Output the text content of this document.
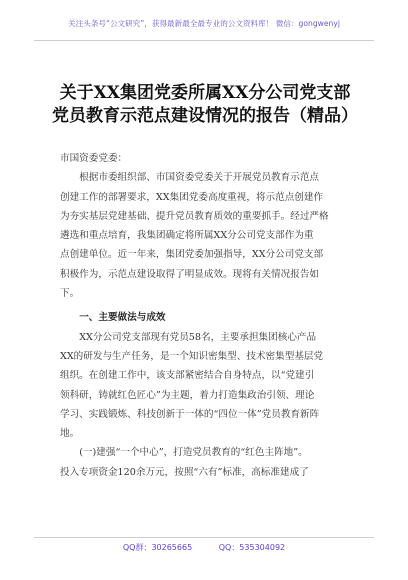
关注头条号“公文研究”，获得最新最全最专业的公文资料库！ 微信：gongwenyj
关于XX集团党委所属XX分公司党支部
党员教育示范点建设情况的报告（精品）

市国资委党委：

根据市委组织部、市国资委党委关于开展党员教育示范点
创建工作的部署要求，XX集团党委高度重视，将示范点创建作
为夯实基层党建基础、提升党员教育质效的重要抓手。经过严格
遴选和重点培育，我集团确定将所属XX分公司党支部作为重
点创建单位。近一年来，集团党委加强指导，XX分公司党支部
积极作为，示范点建设取得了明显成效。现将有关情况报告如
下。

一、主要做法与成效

XX分公司党支部现有党员58名，主要承担集团核心产品
XX的研发与生产任务，是一个知识密集型、技术密集型基层党
组织。在创建工作中，该支部紧密结合自身特点，以“党建引
领科研，铸就红色匠心”为主题，着力打造集政治引领、理论
学习、实践锻炼、科技创新于一体的“四位一体”党员教育新阵
地。
(一)建强“一个中心”，打造党员教育的“红色主阵地”。
投入专项资金120余万元，按照“六有”标准，高标准建成了
QQ群：30265665	QQ：535304092
